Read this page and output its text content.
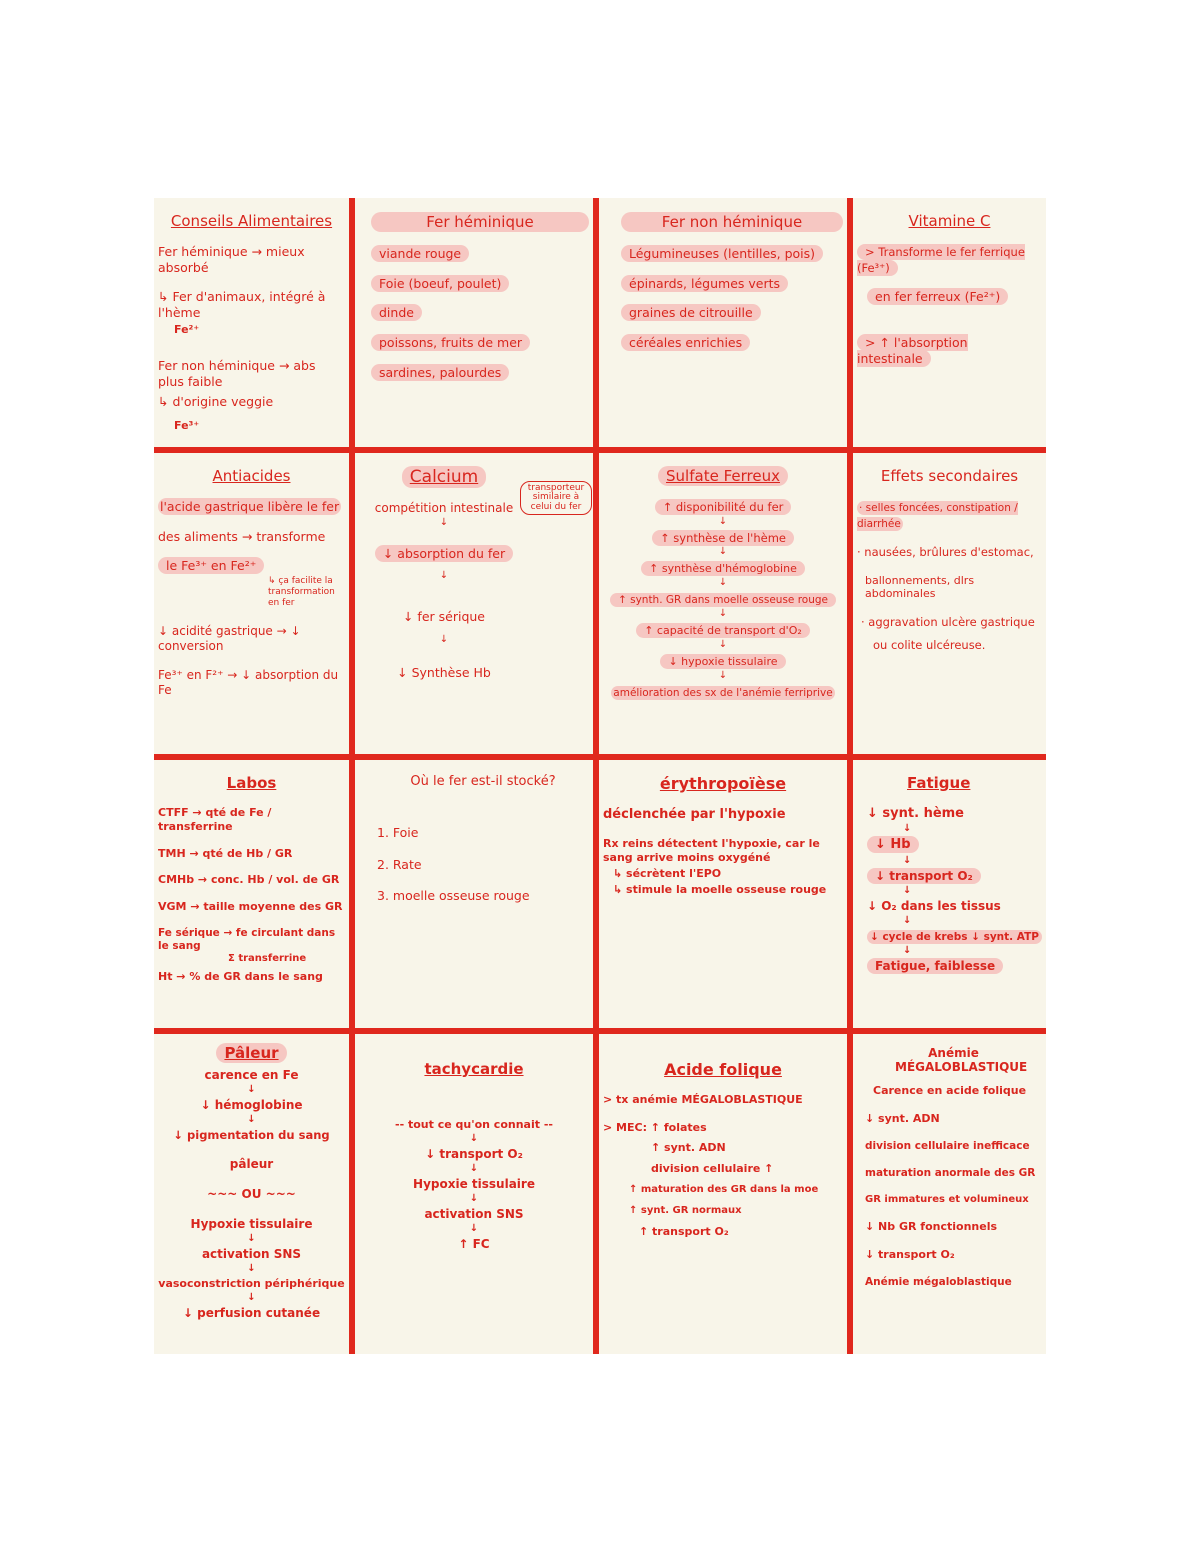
Conseils Alimentaires
Fer héminique → mieux absorbé
↳ Fer d'animaux, intégré à l'hème
Fe²⁺
Fer non héminique → abs plus faible
↳ d'origine veggie
Fe³⁺
Fer héminique
viande rouge
Foie (boeuf, poulet)
dinde
poissons, fruits de mer
sardines, palourdes
Fer non héminique
Légumineuses (lentilles, pois)
épinards, légumes verts
graines de citrouille
céréales enrichies
Vitamine C
> Transforme le fer ferrique (Fe³⁺)
en fer ferreux (Fe²⁺)
> ↑ l'absorption intestinale
Antiacides
l'acide gastrique libère le fer
des aliments → transforme
le Fe³⁺ en Fe²⁺
↳ ça facilite la transformation en fer
↓ acidité gastrique → ↓ conversion
Fe³⁺ en F²⁺ → ↓ absorption du Fe
Calcium
transporteur similaire à celui du fer
compétition intestinale
↓
↓ absorption du fer
↓
↓ fer sérique
↓
↓ Synthèse Hb
Sulfate Ferreux
↑ disponibilité du fer
↓
↑ synthèse de l'hème
↓
↑ synthèse d'hémoglobine
↓
↑ synth. GR dans moelle osseuse rouge
↓
↑ capacité de transport d'O₂
↓
↓ hypoxie tissulaire
↓
amélioration des sx de l'anémie ferriprive
Effets secondaires
· selles foncées, constipation / diarrhée
· nausées, brûlures d'estomac,
ballonnements, dlrs abdominales
· aggravation ulcère gastrique
ou colite ulcéreuse.
Labos
CTFF → qté de Fe / transferrine
TMH → qté de Hb / GR
CMHb → conc. Hb / vol. de GR
VGM → taille moyenne des GR
Fe sérique → fe circulant dans le sang
Σ transferrine
Ht → % de GR dans le sang
Où le fer est-il stocké?
1. Foie
2. Rate
3. moelle osseuse rouge
érythropoïèse
déclenchée par l'hypoxie
Rx reins détectent l'hypoxie, car le sang arrive moins oxygéné
↳ sécrètent l'EPO
↳ stimule la moelle osseuse rouge
Fatigue
↓ synt. hème
↓
↓ Hb
↓
↓ transport O₂
↓
↓ O₂ dans les tissus
↓
↓ cycle de krebs ↓ synt. ATP
↓
Fatigue, faiblesse
Pâleur
carence en Fe
↓
↓ hémoglobine
↓
↓ pigmentation du sang
pâleur
~~~ OU ~~~
Hypoxie tissulaire
↓
activation SNS
↓
vasoconstriction périphérique
↓
↓ perfusion cutanée
tachycardie
-- tout ce qu'on connait --
↓
↓ transport O₂
↓
Hypoxie tissulaire
↓
activation SNS
↓
↑ FC
Acide folique
> tx anémie MÉGALOBLASTIQUE
> MEC: ↑ folates
↑ synt. ADN
division cellulaire ↑
↑ maturation des GR dans la moe
↑ synt. GR normaux
↑ transport O₂
Anémie MÉGALOBLASTIQUE
Carence en acide folique
↓ synt. ADN
division cellulaire inefficace
maturation anormale des GR
GR immatures et volumineux
↓ Nb GR fonctionnels
↓ transport O₂
Anémie mégaloblastique
